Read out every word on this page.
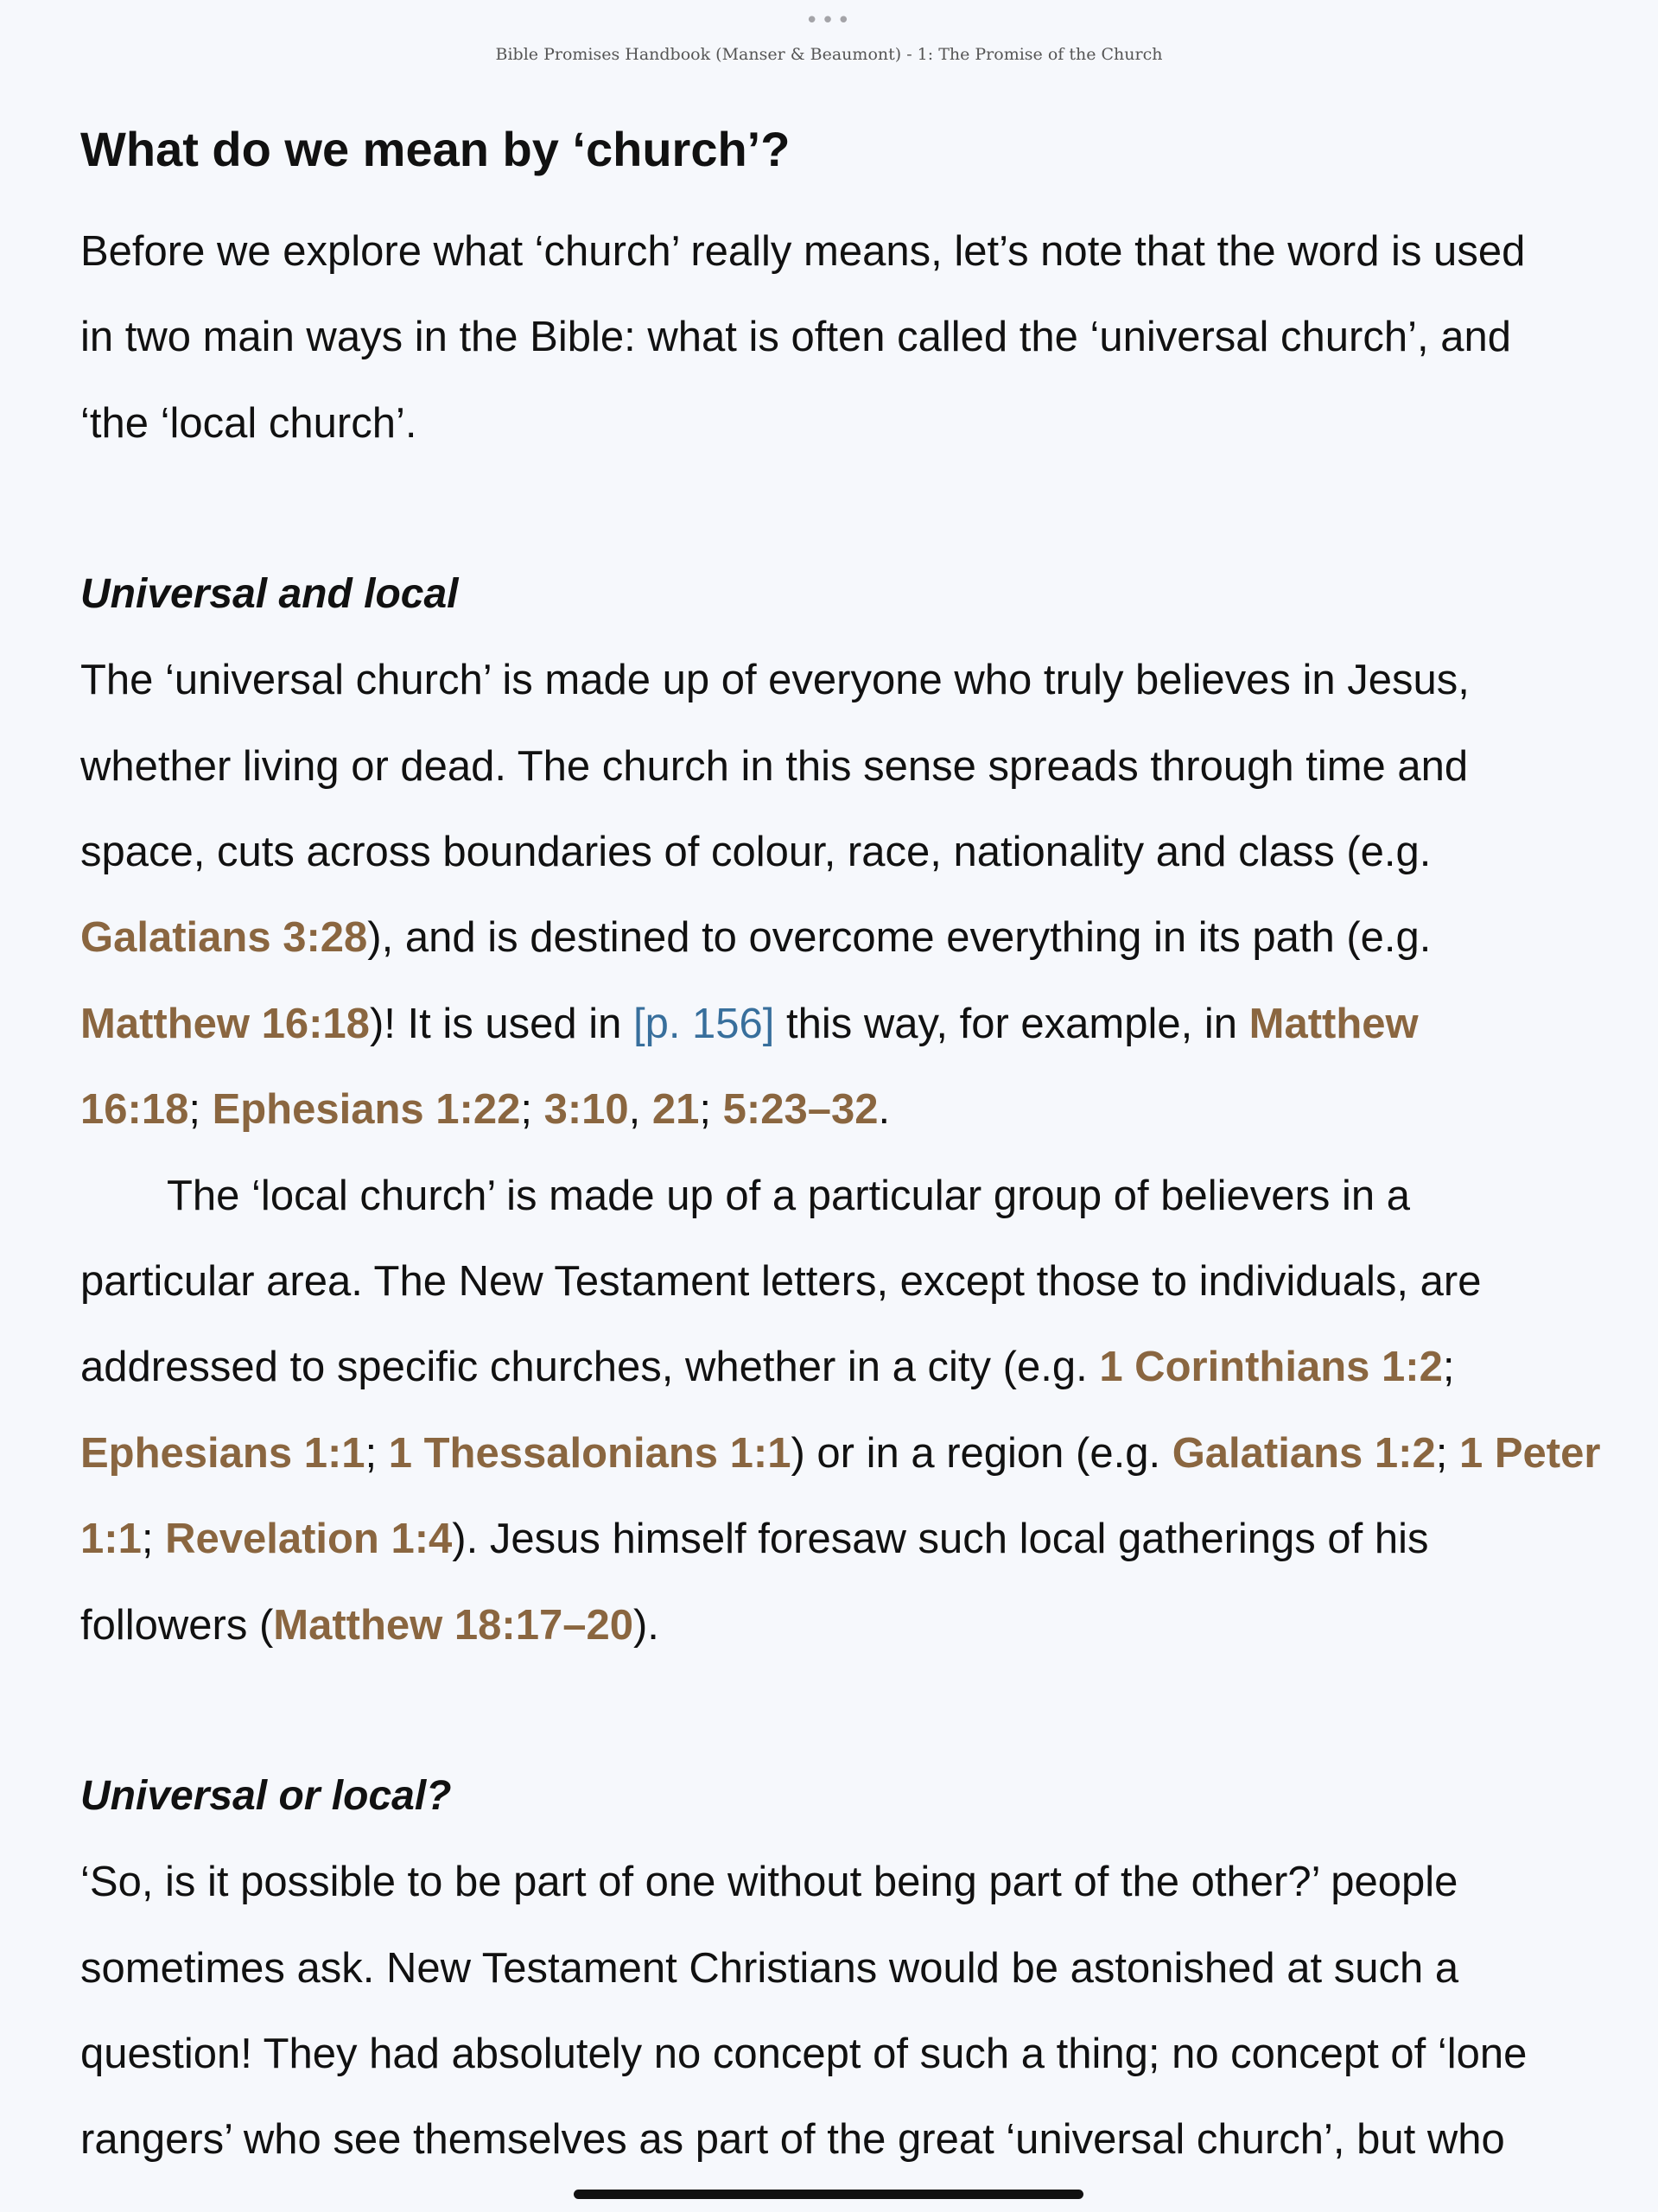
•••
Bible Promises Handbook (Manser & Beaumont) - 1: The Promise of the Church
What do we mean by ‘church’?

Before we explore what ‘church’ really means, let’s note that the word is used
in two main ways in the Bible: what is often called the ‘universal church’, and
‘the ‘local church’.

Universal and local

The ‘universal church’ is made up of everyone who truly believes in Jesus,
whether living or dead. The church in this sense spreads through time and
space, cuts across boundaries of colour, race, nationality and class (e.g.
Galatians 3:28), and is destined to overcome everything in its path (e.g.
Matthew 16:18)! It is used in [p. 156] this way, for example, in Matthew
16:18; Ephesians 1:22; 3:10, 21; 5:23–32.

The ‘local church’ is made up of a particular group of believers in a
particular area. The New Testament letters, except those to individuals, are
addressed to specific churches, whether in a city (e.g. 1 Corinthians 1:2;
Ephesians 1:1; 1 Thessalonians 1:1) or in a region (e.g. Galatians 1:2; 1 Peter
1:1; Revelation 1:4). Jesus himself foresaw such local gatherings of his
followers (Matthew 18:17–20).

Universal or local?

‘So, is it possible to be part of one without being part of the other?’ people
sometimes ask. New Testament Christians would be astonished at such a
question! They had absolutely no concept of such a thing; no concept of ‘lone
rangers’ who see themselves as part of the great ‘universal church’, but who
